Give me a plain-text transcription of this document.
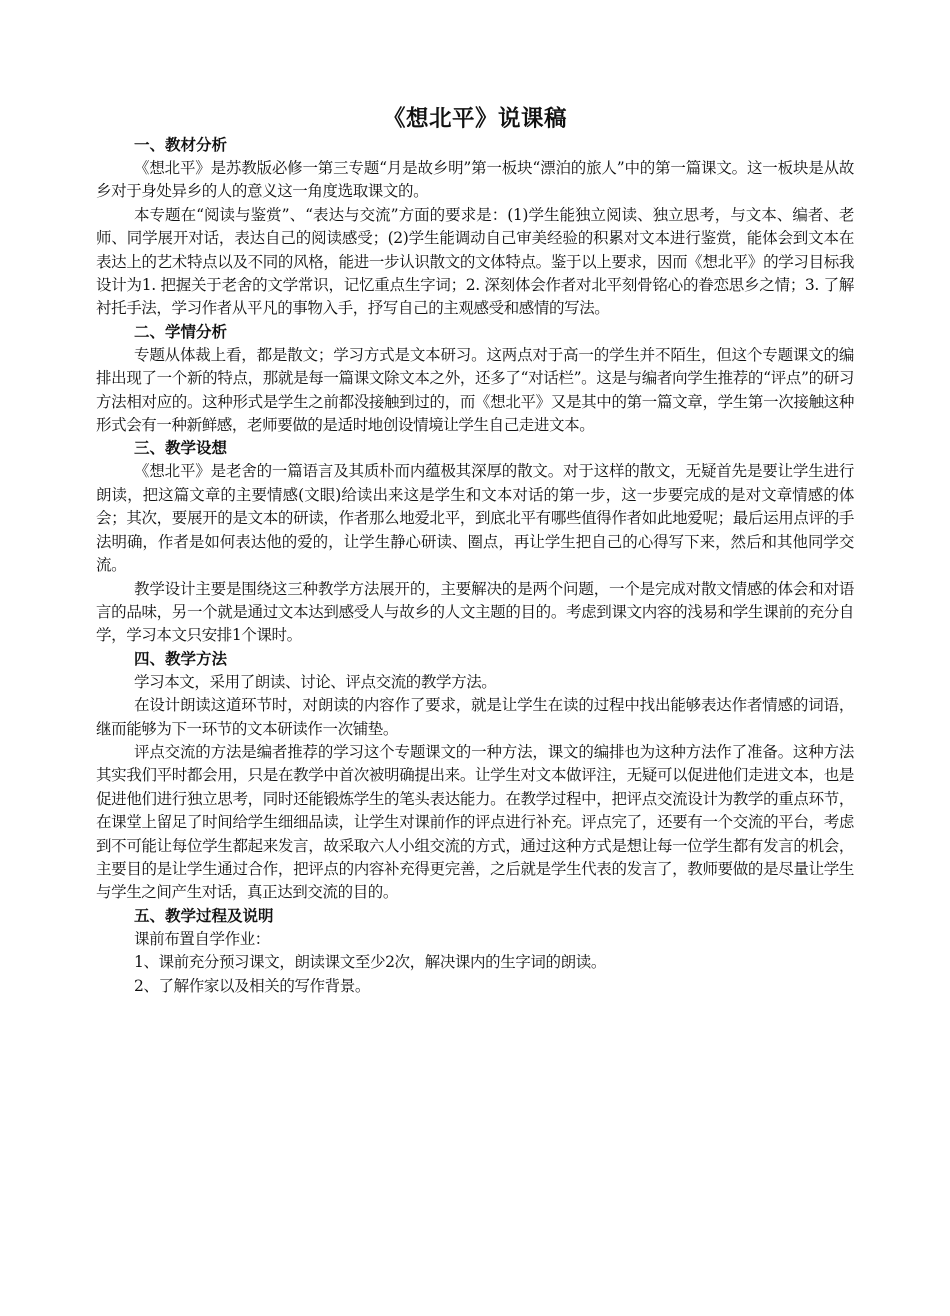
《想北平》说课稿
一、教材分析

《想北平》是苏教版必修一第三专题“月是故乡明”第一板块“漂泊的旅人”中的第一篇课文。这一板块是从故乡对于身处异乡的人的意义这一角度选取课文的。

本专题在“阅读与鉴赏”、“表达与交流”方面的要求是：(1)学生能独立阅读、独立思考，与文本、编者、老师、同学展开对话，表达自己的阅读感受；(2)学生能调动自己审美经验的积累对文本进行鉴赏，能体会到文本在表达上的艺术特点以及不同的风格，能进一步认识散文的文体特点。鉴于以上要求，因而《想北平》的学习目标我设计为1. 把握关于老舍的文学常识，记忆重点生字词；2. 深刻体会作者对北平刻骨铭心的眷恋思乡之情；3. 了解衬托手法，学习作者从平凡的事物入手，抒写自己的主观感受和感情的写法。

二、学情分析

专题从体裁上看，都是散文；学习方式是文本研习。这两点对于高一的学生并不陌生，但这个专题课文的编排出现了一个新的特点，那就是每一篇课文除文本之外，还多了“对话栏”。这是与编者向学生推荐的“评点”的研习方法相对应的。这种形式是学生之前都没接触到过的，而《想北平》又是其中的第一篇文章，学生第一次接触这种形式会有一种新鲜感，老师要做的是适时地创设情境让学生自己走进文本。

三、教学设想

《想北平》是老舍的一篇语言及其质朴而内蕴极其深厚的散文。对于这样的散文，无疑首先是要让学生进行朗读，把这篇文章的主要情感(文眼)给读出来这是学生和文本对话的第一步，这一步要完成的是对文章情感的体会；其次，要展开的是文本的研读，作者那么地爱北平，到底北平有哪些值得作者如此地爱呢；最后运用点评的手法明确，作者是如何表达他的爱的，让学生静心研读、圈点，再让学生把自己的心得写下来，然后和其他同学交流。

教学设计主要是围绕这三种教学方法展开的，主要解决的是两个问题，一个是完成对散文情感的体会和对语言的品味，另一个就是通过文本达到感受人与故乡的人文主题的目的。考虑到课文内容的浅易和学生课前的充分自学，学习本文只安排1个课时。

四、教学方法

学习本文，采用了朗读、讨论、评点交流的教学方法。

在设计朗读这道环节时，对朗读的内容作了要求，就是让学生在读的过程中找出能够表达作者情感的词语，继而能够为下一环节的文本研读作一次铺垫。

评点交流的方法是编者推荐的学习这个专题课文的一种方法，课文的编排也为这种方法作了准备。这种方法其实我们平时都会用，只是在教学中首次被明确提出来。让学生对文本做评注，无疑可以促进他们走进文本，也是促进他们进行独立思考，同时还能锻炼学生的笔头表达能力。在教学过程中，把评点交流设计为教学的重点环节，在课堂上留足了时间给学生细细品读，让学生对课前作的评点进行补充。评点完了，还要有一个交流的平台，考虑到不可能让每位学生都起来发言，故采取六人小组交流的方式，通过这种方式是想让每一位学生都有发言的机会，主要目的是让学生通过合作，把评点的内容补充得更完善，之后就是学生代表的发言了，教师要做的是尽量让学生与学生之间产生对话，真正达到交流的目的。

五、教学过程及说明

课前布置自学作业：

1、课前充分预习课文，朗读课文至少2次，解决课内的生字词的朗读。

2、了解作家以及相关的写作背景。
